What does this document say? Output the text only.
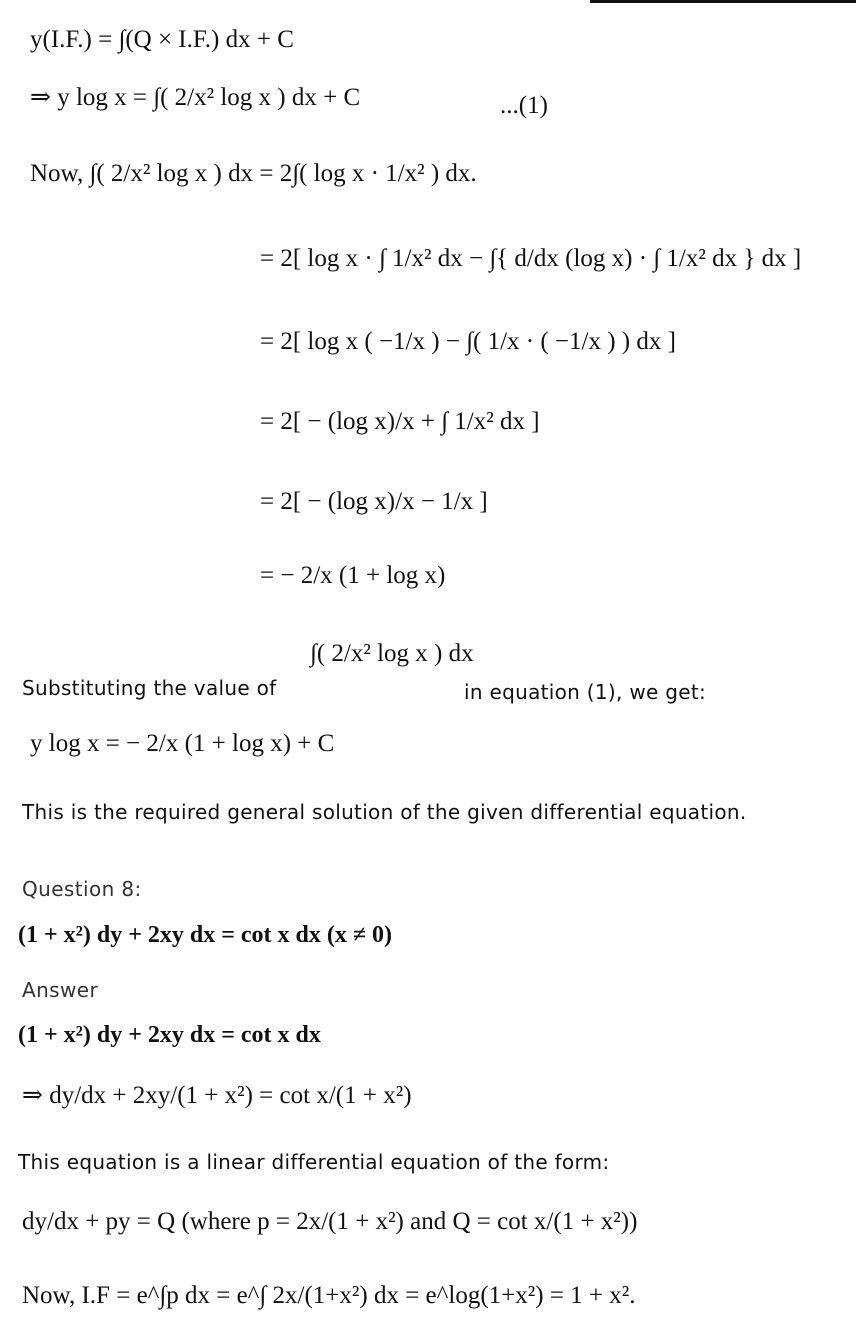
y(I.F.) = ∫(Q × I.F.) dx + C
⇒ y log x = ∫( 2/x² log x ) dx + C	...(1)
Now, ∫( 2/x² log x ) dx = 2∫( log x · 1/x² ) dx.
= 2[ log x · ∫ 1/x² dx − ∫{ d/dx (log x) · ∫ 1/x² dx } dx ]
= 2[ log x ( −1/x ) − ∫( 1/x · ( −1/x ) ) dx ]
= 2[ − (log x)/x + ∫ 1/x² dx ]
= 2[ − (log x)/x − 1/x ]
= − 2/x (1 + log x)
Substituting the value of
∫( 2/x² log x ) dx
in equation (1), we get:
y log x = − 2/x (1 + log x) + C
This is the required general solution of the given differential equation.
Question 8:
(1 + x²) dy + 2xy dx = cot x dx (x ≠ 0)
Answer
(1 + x²) dy + 2xy dx = cot x dx
⇒ dy/dx + 2xy/(1 + x²) = cot x/(1 + x²)
This equation is a linear differential equation of the form:
dy/dx + py = Q (where p = 2x/(1 + x²) and Q = cot x/(1 + x²))
Now, I.F = e^∫p dx = e^∫ 2x/(1+x²) dx = e^log(1+x²) = 1 + x².
